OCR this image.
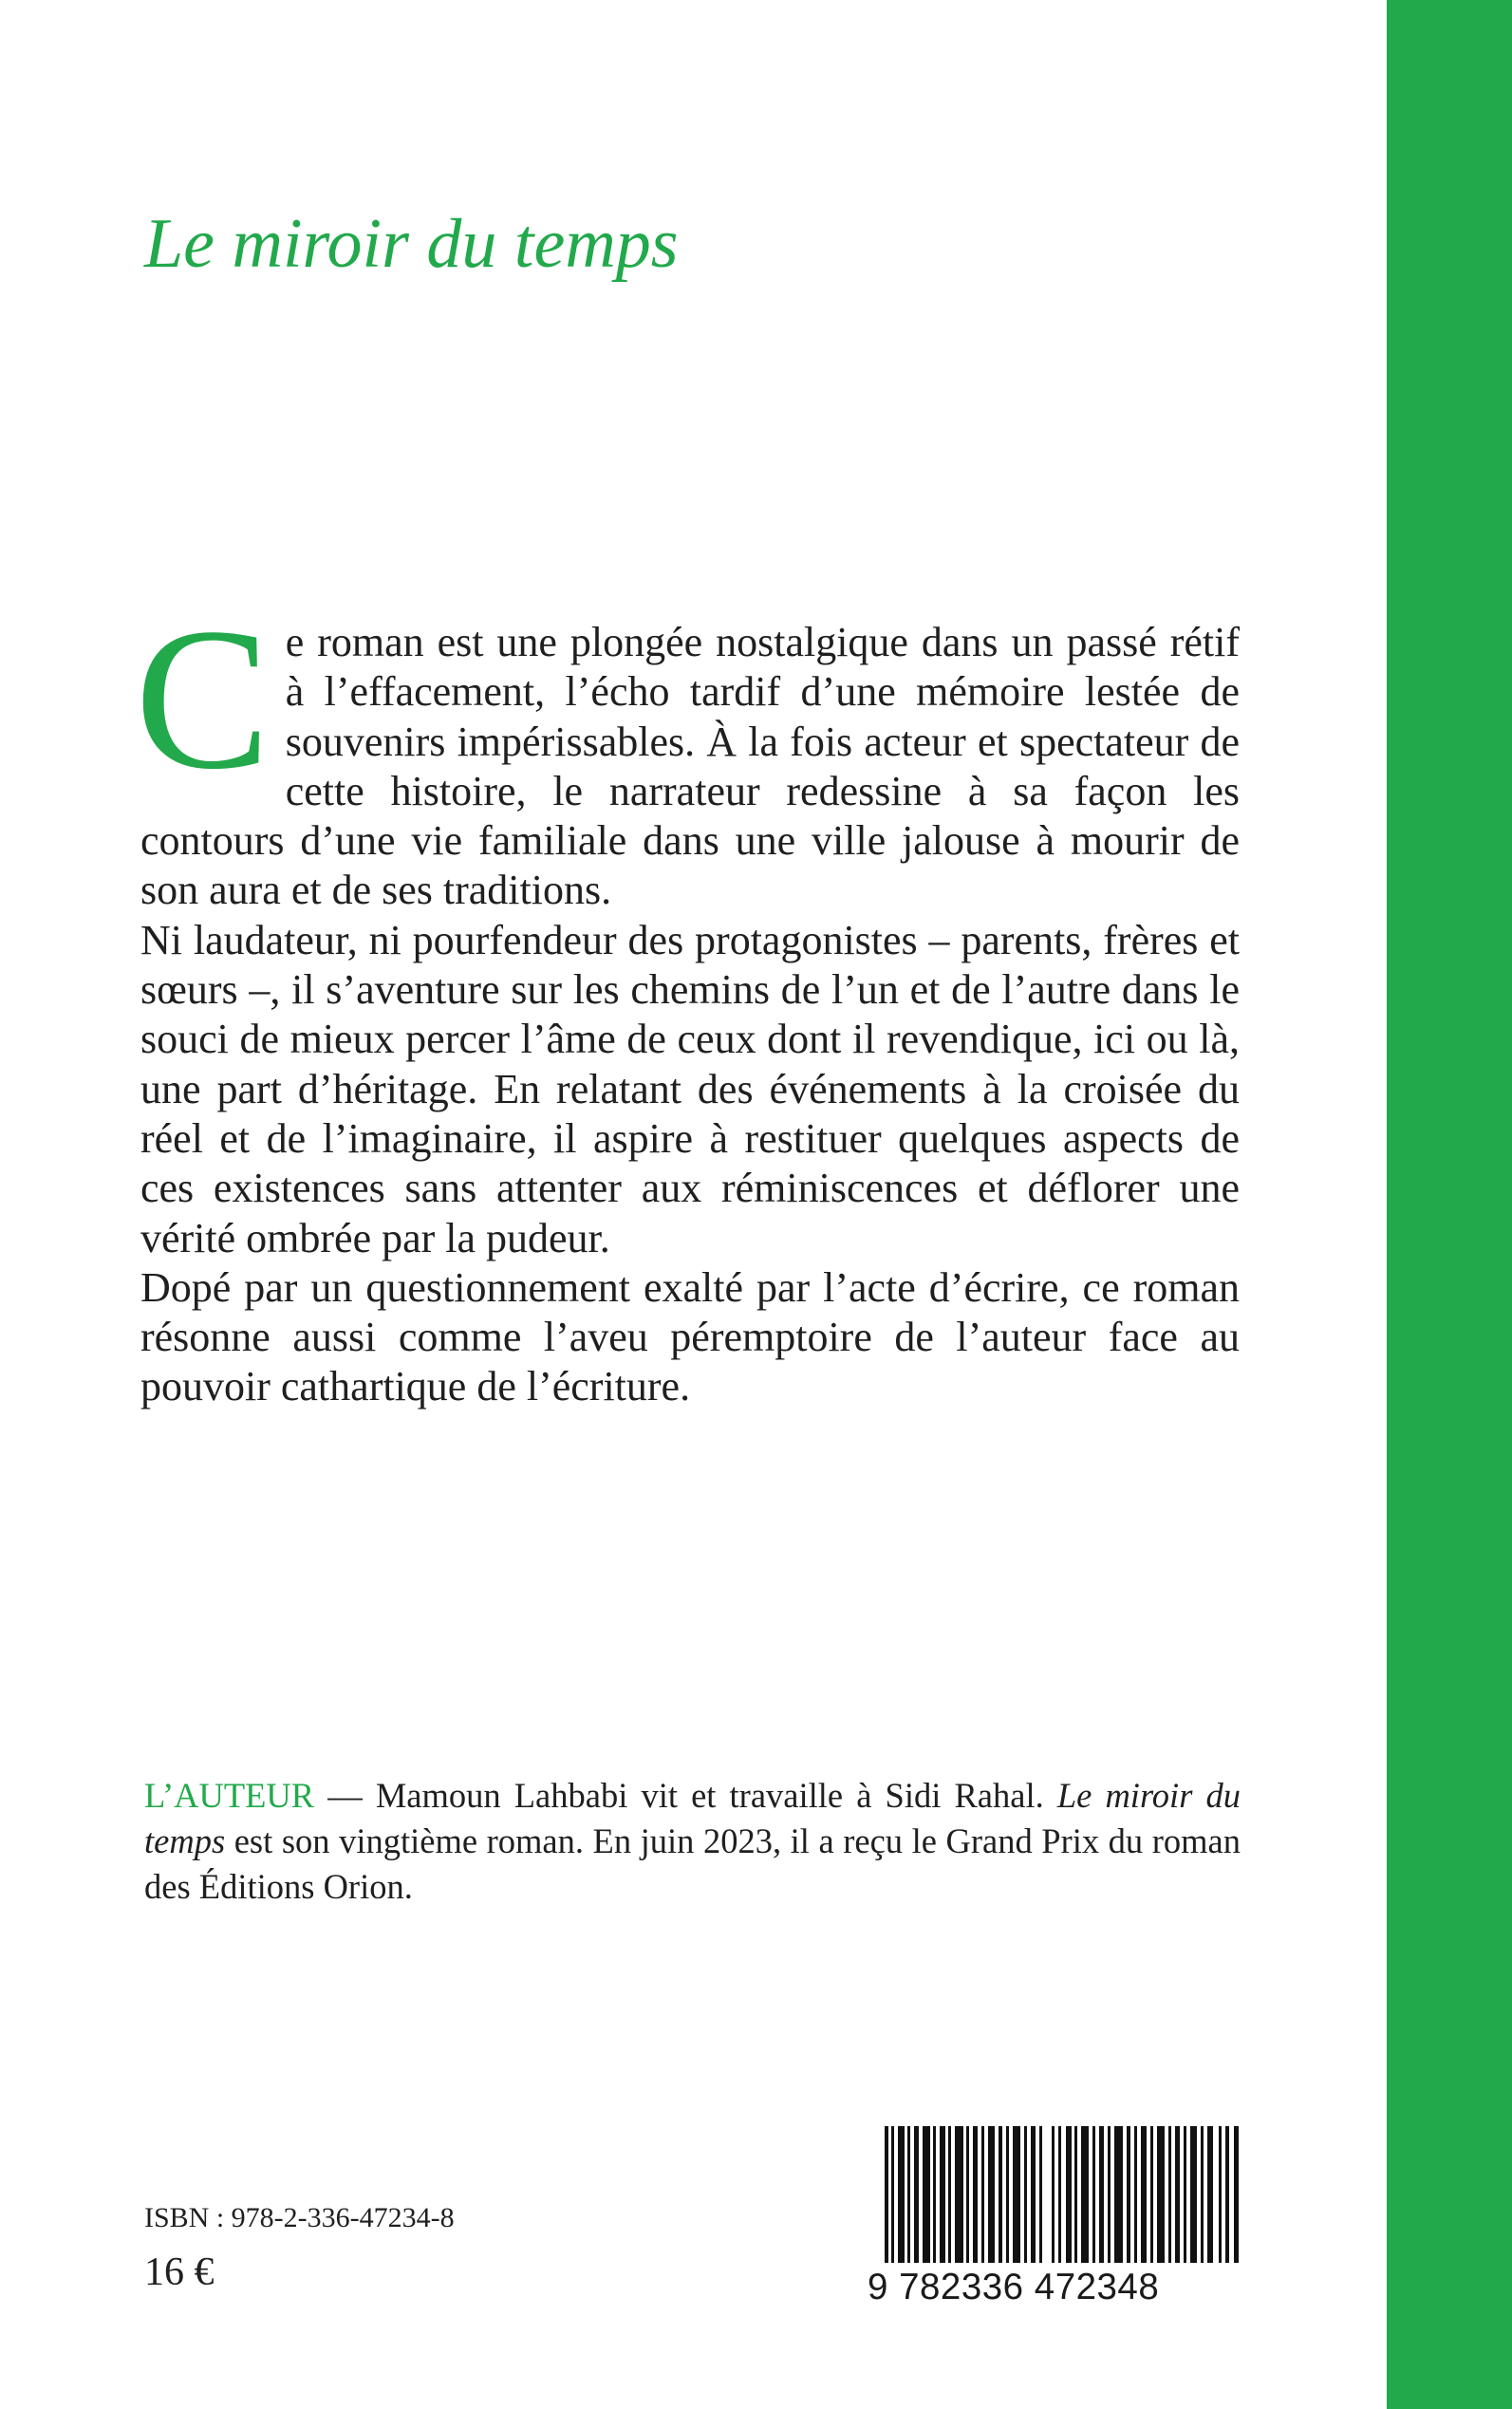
Le miroir du temps
C e roman est une plongée nostalgique dans un passé rétif à l’effacement, l’écho tardif d’une mémoire lestée de souvenirs impérissables. À la fois acteur et spectateur de cette histoire, le narrateur redessine à sa façon les contours d’une vie familiale dans une ville jalouse à mourir de son aura et de ses traditions.

Ni laudateur, ni pourfendeur des protagonistes – parents, frères et sœurs –, il s’aventure sur les chemins de l’un et de l’autre dans le souci de mieux percer l’âme de ceux dont il revendique, ici ou là, une part d’héritage. En relatant des événements à la croisée du réel et de l’imaginaire, il aspire à restituer quelques aspects de ces existences sans attenter aux réminiscences et déflorer une vérité ombrée par la pudeur.

Dopé par un questionnement exalté par l’acte d’écrire, ce roman résonne aussi comme l’aveu péremptoire de l’auteur face au pouvoir cathartique de l’écriture.

L’AUTEUR — Mamoun Lahbabi vit et travaille à Sidi Rahal. Le miroir du temps est son vingtième roman. En juin 2023, il a reçu le Grand Prix du roman des Éditions Orion.

9 782336 472348
ISBN : 978-2-336-47234-8
16 €
